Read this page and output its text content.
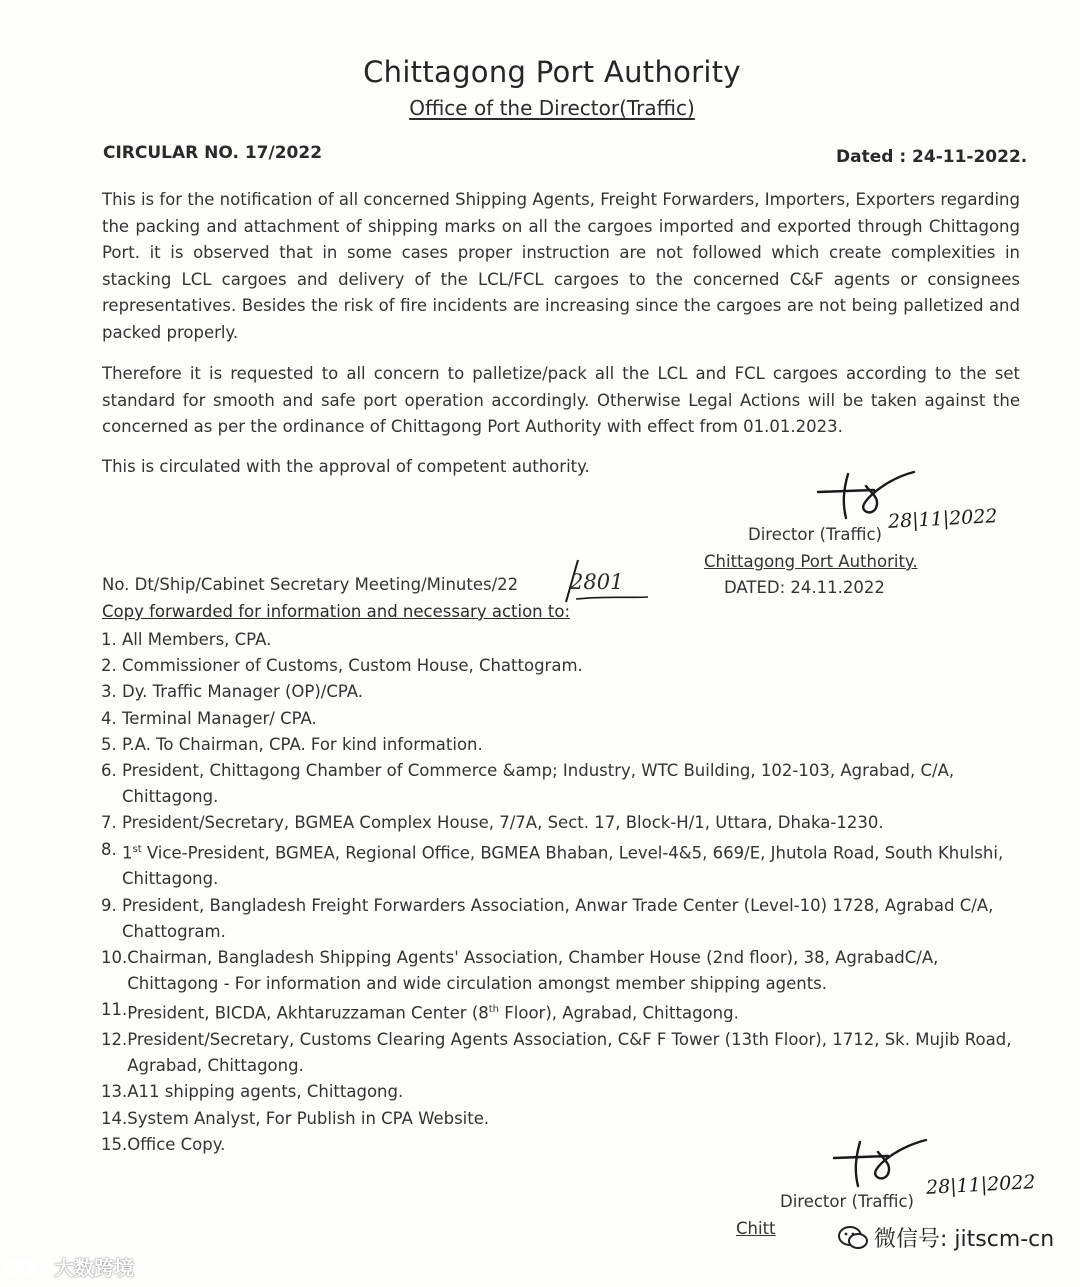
Chittagong Port Authority
Office of the Director(Traffic)
CIRCULAR NO. 17/2022	Dated : 24-11-2022.
This is for the notification of all concerned Shipping Agents, Freight Forwarders, Importers, Exporters regarding the packing and attachment of shipping marks on all the cargoes imported and exported through Chittagong Port. it is observed that in some cases proper instruction are not followed which create complexities in stacking LCL cargoes and delivery of the LCL/FCL cargoes to the concerned C&F agents or consignees representatives. Besides the risk of fire incidents are increasing since the cargoes are not being palletized and packed properly.
Therefore it is requested to all concern to palletize/pack all the LCL and FCL cargoes according to the set standard for smooth and safe port operation accordingly. Otherwise Legal Actions will be taken against the concerned as per the ordinance of Chittagong Port Authority with effect from 01.01.2023.
This is circulated with the approval of competent authority.
28|11|2022
Director (Traffic)
Chittagong Port Authority.
DATED: 24.11.2022
No. Dt/Ship/Cabinet Secretary Meeting/Minutes/22 2801
Copy forwarded for information and necessary action to:
1. All Members, CPA.
2. Commissioner of Customs, Custom House, Chattogram.
3. Dy. Traffic Manager (OP)/CPA.
4. Terminal Manager/ CPA.
5. P.A. To Chairman, CPA. For kind information.
6. President, Chittagong Chamber of Commerce &amp; Industry, WTC Building, 102-103, Agrabad, C/A, Chittagong.
7. President/Secretary, BGMEA Complex House, 7/7A, Sect. 17, Block-H/1, Uttara, Dhaka-1230.
8. 1st Vice-President, BGMEA, Regional Office, BGMEA Bhaban, Level-4&5, 669/E, Jhutola Road, South Khulshi, Chittagong.
9. President, Bangladesh Freight Forwarders Association, Anwar Trade Center (Level-10) 1728, Agrabad C/A, Chattogram.
10. Chairman, Bangladesh Shipping Agents' Association, Chamber House (2nd floor), 38, AgrabadC/A, Chittagong - For information and wide circulation amongst member shipping agents.
11. President, BICDA, Akhtaruzzaman Center (8th Floor), Agrabad, Chittagong.
12. President/Secretary, Customs Clearing Agents Association, C&F F Tower (13th Floor), 1712, Sk. Mujib Road, Agrabad, Chittagong.
13. A11 shipping agents, Chittagong.
14. System Analyst, For Publish in CPA Website.
15. Office Copy.
28|11|2022
Director (Traffic)
Chitt
大数跨境
微信号: jitscm-cn
